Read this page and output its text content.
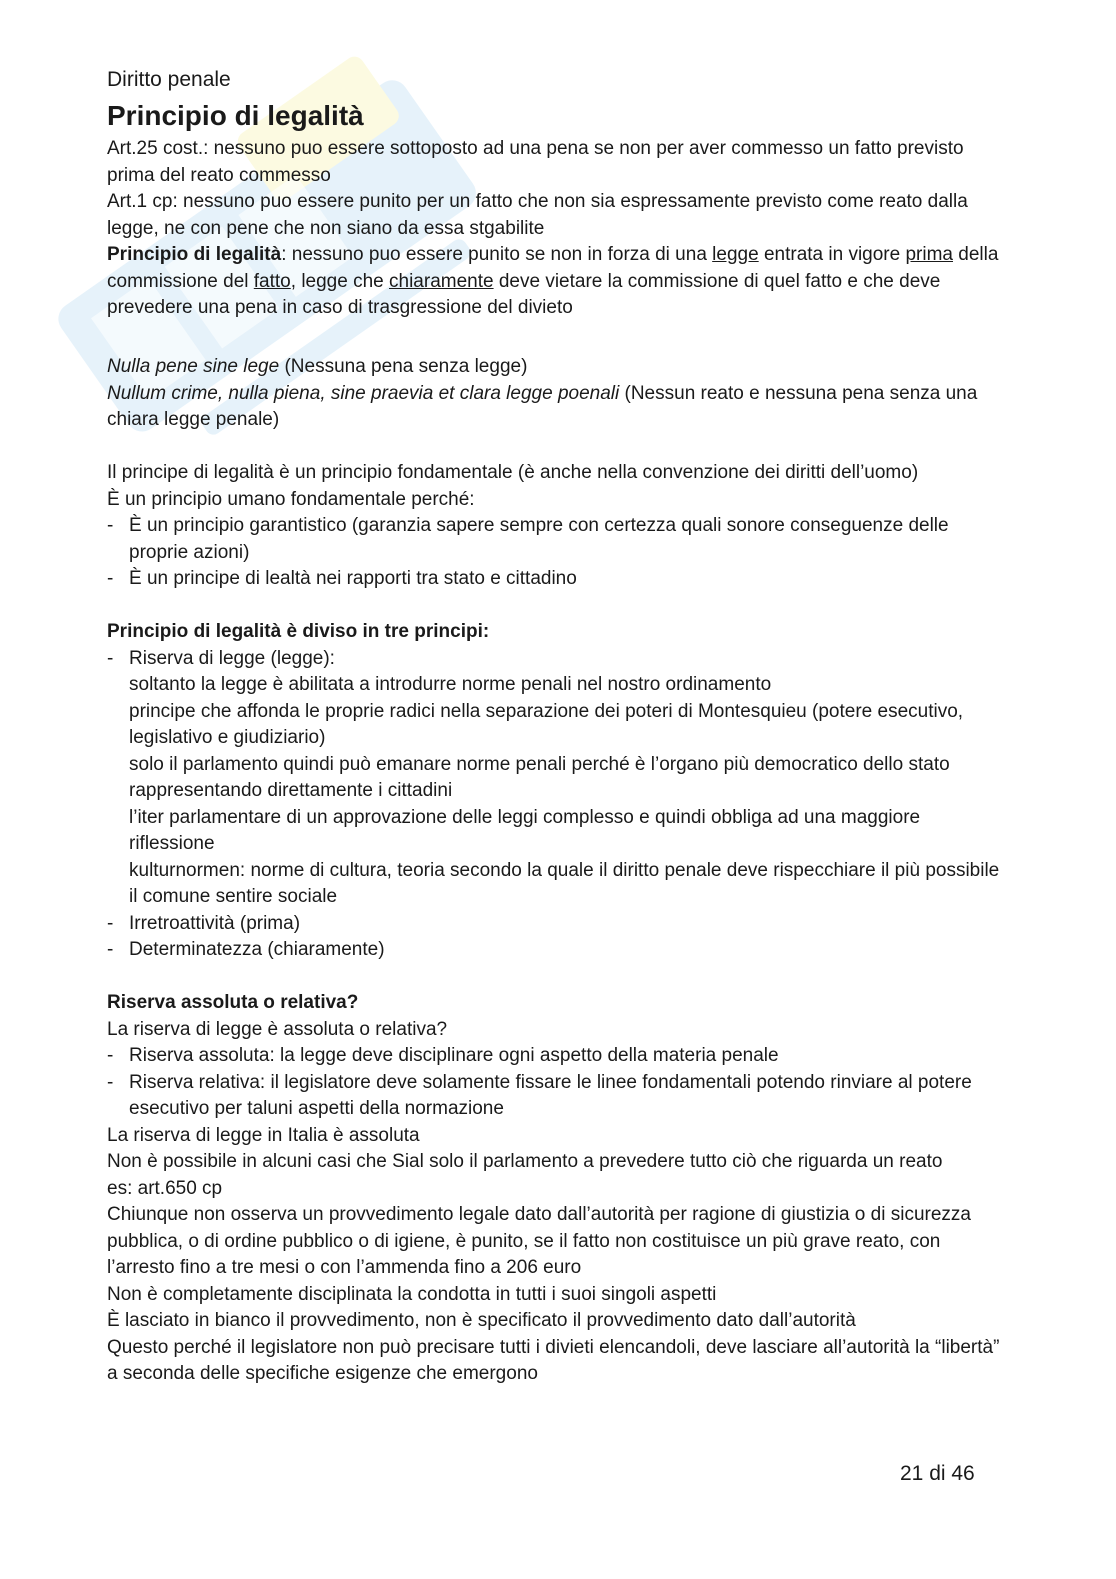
Diritto penale

Principio di legalità

Art.25 cost.: nessuno puo essere sottoposto ad una pena se non per aver commesso un fatto previsto prima del reato commesso

Art.1 cp: nessuno puo essere punito per un fatto che non sia espressamente previsto come reato dalla legge, ne con pene che non siano da essa stgabilite

Principio di legalità: nessuno puo essere punito se non in forza di una legge entrata in vigore prima della commissione del fatto, legge che chiaramente deve vietare la commissione di quel fatto e che deve prevedere una pena in caso di trasgressione del divieto

Nulla pene sine lege (Nessuna pena senza legge)

Nullum crime, nulla piena, sine praevia et clara legge poenali (Nessun reato e nessuna pena senza una chiara legge penale)

Il principe di legalità è un principio fondamentale (è anche nella convenzione dei diritti dell’uomo)

È un principio umano fondamentale perché:

- È un principio garantistico (garanzia sapere sempre con certezza quali sonore conseguenze delle proprie azioni)

- È un principe di lealtà nei rapporti tra stato e cittadino

Principio di legalità è diviso in tre principi:

- Riserva di legge (legge):

soltanto la legge è abilitata a introdurre norme penali nel nostro ordinamento

principe che affonda le proprie radici nella separazione dei poteri di Montesquieu (potere esecutivo, legislativo e giudiziario)

solo il parlamento quindi può emanare norme penali perché è l’organo più democratico dello stato rappresentando direttamente i cittadini

l’iter parlamentare di un approvazione delle leggi complesso e quindi obbliga ad una maggiore riflessione

kulturnormen: norme di cultura, teoria secondo la quale il diritto penale deve rispecchiare il più possibile il comune sentire sociale

- Irretroattività (prima)

- Determinatezza (chiaramente)

Riserva assoluta o relativa?

La riserva di legge è assoluta o relativa?

- Riserva assoluta: la legge deve disciplinare ogni aspetto della materia penale

- Riserva relativa: il legislatore deve solamente fissare le linee fondamentali potendo rinviare al potere esecutivo per taluni aspetti della normazione

La riserva di legge in Italia è assoluta

Non è possibile in alcuni casi che Sial solo il parlamento a prevedere tutto ciò che riguarda un reato

es: art.650 cp

Chiunque non osserva un provvedimento legale dato dall’autorità per ragione di giustizia o di sicurezza pubblica, o di ordine pubblico o di igiene, è punito, se il fatto non costituisce un più grave reato, con l’arresto fino a tre mesi o con l’ammenda fino a 206 euro

Non è completamente disciplinata la condotta in tutti i suoi singoli aspetti

È lasciato in bianco il provvedimento, non è specificato il provvedimento dato dall’autorità

Questo perché il legislatore non può precisare tutti i divieti elencandoli, deve lasciare all’autorità la “libertà” a seconda delle specifiche esigenze che emergono

21 di 46
